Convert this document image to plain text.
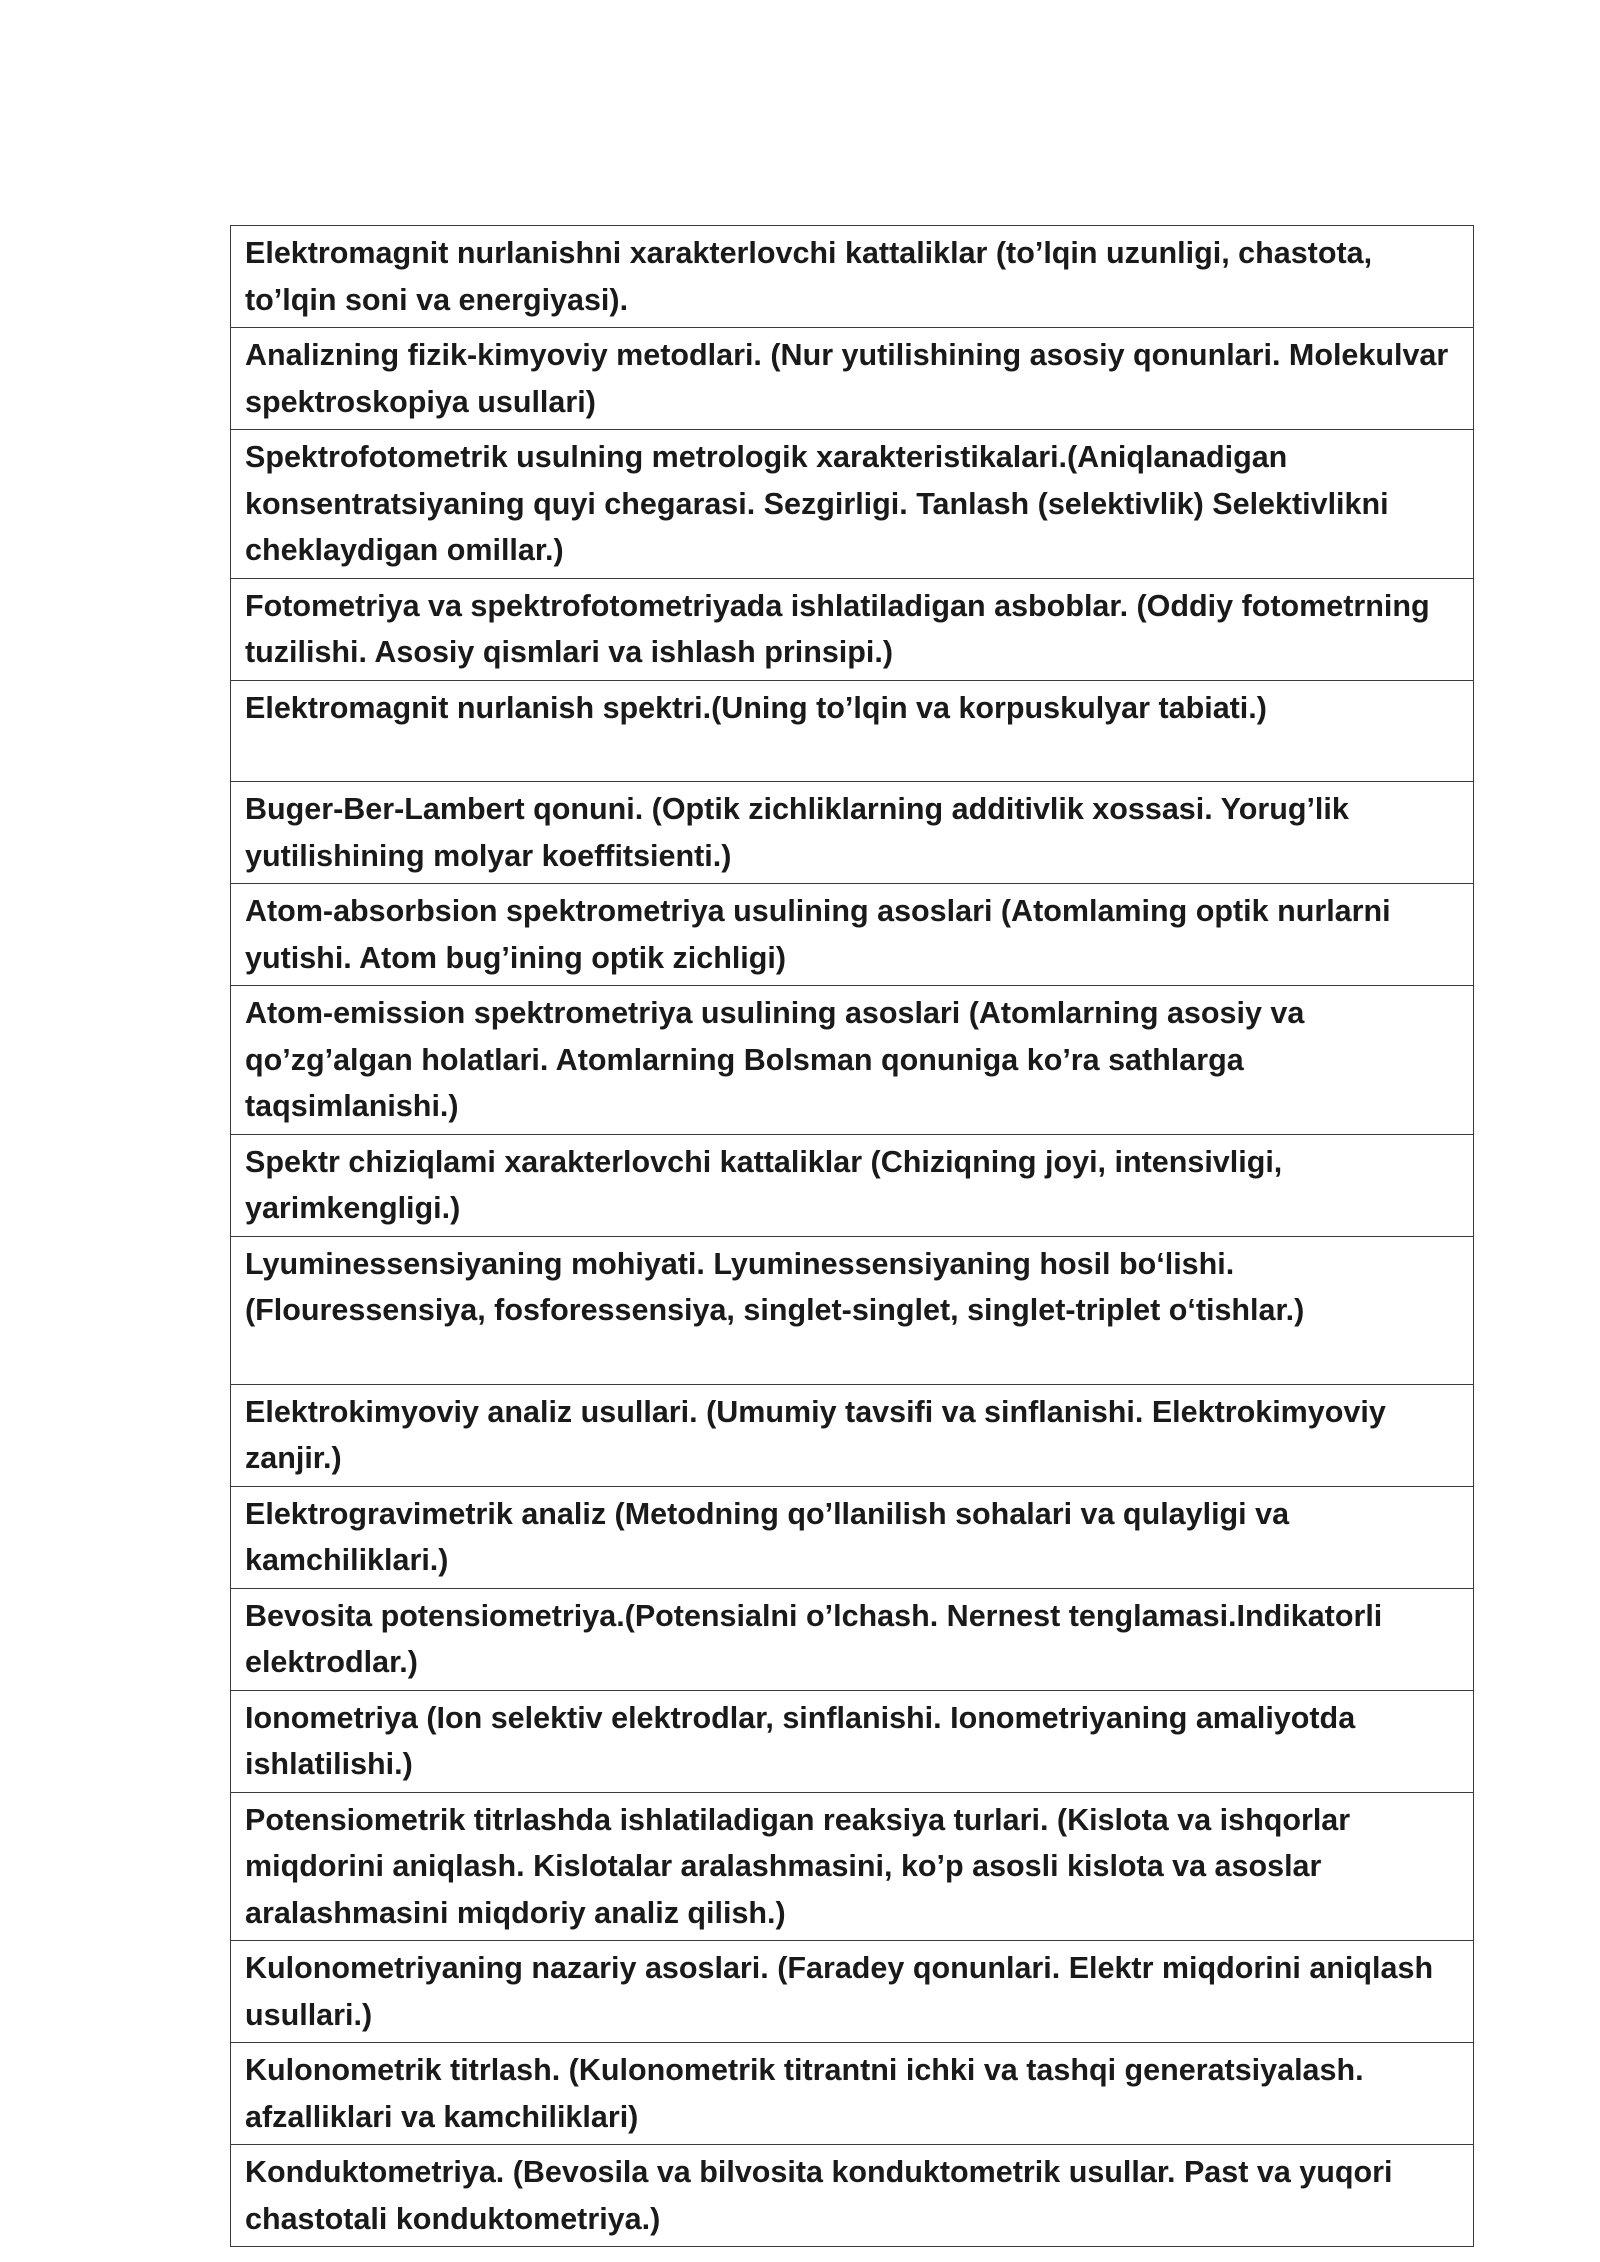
Elektromagnit nurlanishni xarakterlovchi kattaliklar (to’lqin uzunligi, chastota, to’lqin soni va energiyasi).
Analizning fizik-kimyoviy metodlari. (Nur yutilishining asosiy qonunlari. Molekulvar spektroskopiya usullari)
Spektrofotometrik usulning metrologik xarakteristikalari.(Aniqlanadigan konsentratsiyaning quyi chegarasi. Sezgirligi. Tanlash (selektivlik) Selektivlikni cheklaydigan omillar.)
Fotometriya va spektrofotometriyada ishlatiladigan asboblar. (Oddiy fotometrning tuzilishi. Asosiy qismlari va ishlash prinsipi.)
Elektromagnit nurlanish spektri.(Uning to’lqin va korpuskulyar tabiati.)
Buger-Ber-Lambert qonuni. (Optik zichliklarning additivlik xossasi. Yorug’lik yutilishining molyar koeffitsienti.)
Atom-absorbsion spektrometriya usulining asoslari (Atomlaming optik nurlarni yutishi. Atom bug’ining optik zichligi)
Atom-emission spektrometriya usulining asoslari (Atomlarning asosiy va qo’zg’algan holatlari. Atomlarning Bolsman qonuniga ko’ra sathlarga taqsimlanishi.)
Spektr chiziqlami xarakterlovchi kattaliklar (Chiziqning joyi, intensivligi, yarimkengligi.)
Lyuminessensiyaning mohiyati. Lyuminessensiyaning hosil bo‘lishi. (Flouressensiya, fosforessensiya, singlet-singlet, singlet-triplet o‘tishlar.)
Elektrokimyoviy analiz usullari. (Umumiy tavsifi va sinflanishi. Elektrokimyoviy zanjir.)
Elektrogravimetrik analiz (Metodning qo’llanilish sohalari va qulayligi va kamchiliklari.)
Bevosita potensiometriya.(Potensialni o’lchash. Nernest tenglamasi.Indikatorli elektrodlar.)
Ionometriya (Ion selektiv elektrodlar, sinflanishi. Ionometriyaning amaliyotda ishlatilishi.)
Potensiometrik titrlashda ishlatiladigan reaksiya turlari. (Kislota va ishqorlar miqdorini aniqlash. Kislotalar aralashmasini, ko’p asosli kislota va asoslar aralashmasini miqdoriy analiz qilish.)
Kulonometriyaning nazariy asoslari. (Faradey qonunlari. Elektr miqdorini aniqlash usullari.)
Kulonometrik titrlash. (Kulonometrik titrantni ichki va tashqi generatsiyalash. afzalliklari va kamchiliklari)
Konduktometriya. (Bevosila va bilvosita konduktometrik usullar. Past va yuqori chastotali konduktometriya.)
